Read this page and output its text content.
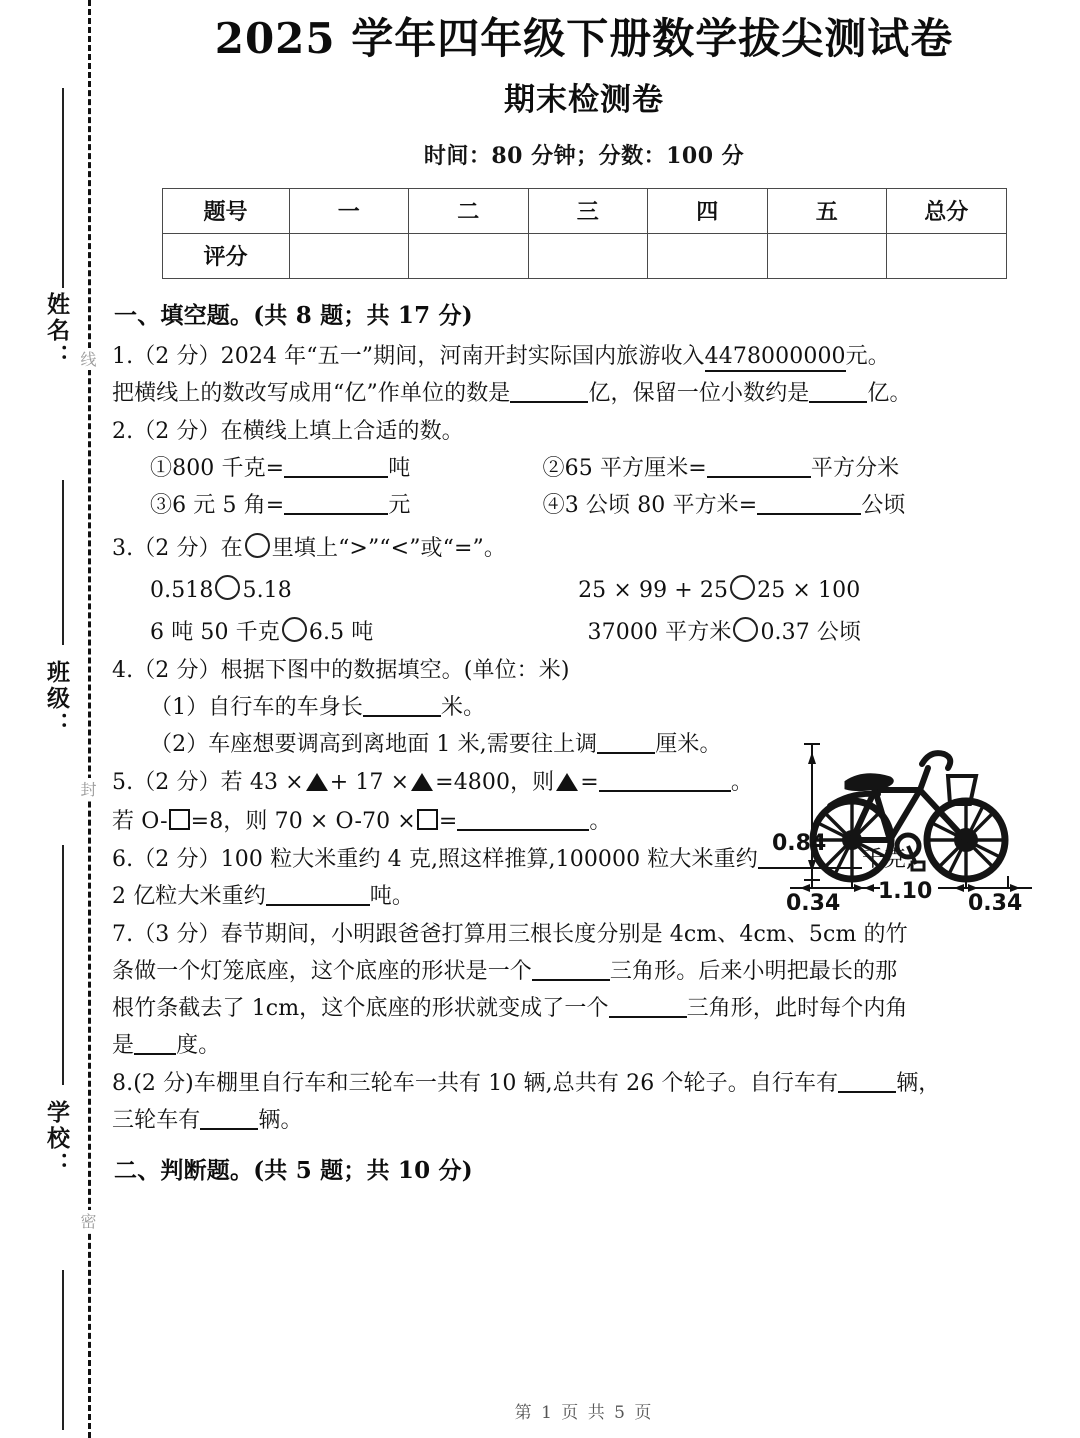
姓名：
班级：
学校：
线
封
密
2025 学年四年级下册数学拔尖测试卷
期末检测卷
时间：80 分钟；分数：100 分
题号	一	二	三	四	五	总分
评分						
一、填空题。(共 8 题；共 17 分)
1.（2 分）2024 年“五一”期间，河南开封实际国内旅游收入4478000000元。
把横线上的数改写成用“亿”作单位的数是	亿，保留一位小数约是	亿。
2.（2 分）在横线上填上合适的数。
①800 千克=	吨	②65 平方厘米=	平方分米
③6 元 5 角=	元	④3 公顷 80 平方米=	公顷
3.（2 分）在 里填上“>”“<”或“=”。
0.518 5.18	25 × 99 + 25 25 × 100
6 吨 50 千克 6.5 吨	37000 平方米 0.37 公顷
4.（2 分）根据下图中的数据填空。(单位：米)
（1）自行车的车身长	米。
（2）车座想要调高到离地面 1 米,需要往上调	厘米。
5.（2 分）若 43 × + 17 × =4800，则 =	。
若 O- =8，则 70 × O-70 × =	。
6.（2 分）100 粒大米重约 4 克,照这样推算,100000 粒大米重约	千克,
2 亿粒大米重约	吨。
7.（3 分）春节期间，小明跟爸爸打算用三根长度分别是 4cm、4cm、5cm 的竹
条做一个灯笼底座，这个底座的形状是一个	三角形。后来小明把最长的那
根竹条截去了 1cm，这个底座的形状就变成了一个	三角形，此时每个内角
是 度。
8.(2 分)车棚里自行车和三轮车一共有 10 辆,总共有 26 个轮子。自行车有	辆，
三轮车有	辆。
二、判断题。(共 5 题；共 10 分)
0.84
1.10
0.34	0.34
第 1 页 共 5 页
